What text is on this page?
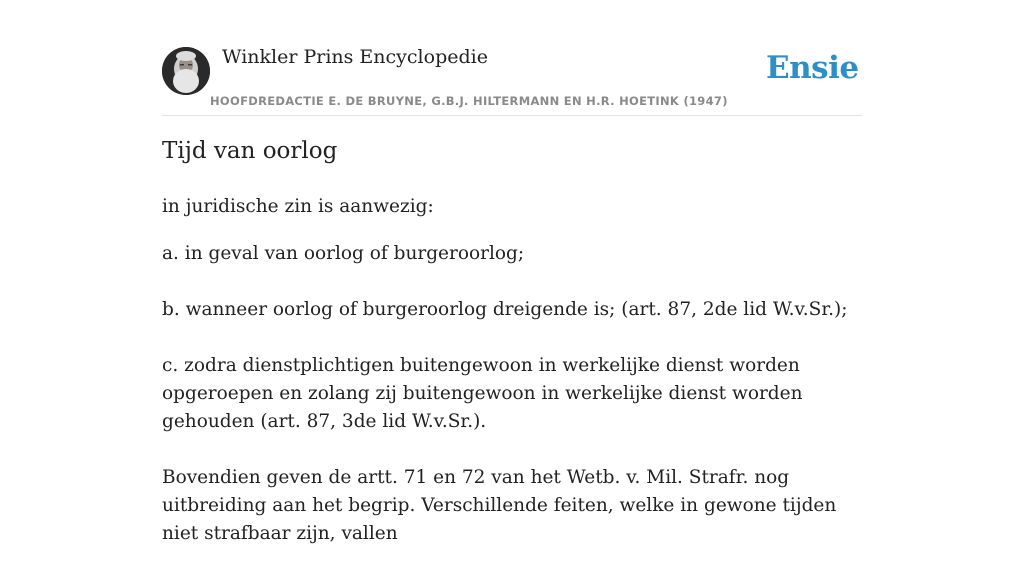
Winkler Prins Encyclopedie
HOOFDREDACTIE E. DE BRUYNE, G.B.J. HILTERMANN EN H.R. HOETINK (1947)
Ensie
Tijd van oorlog

in juridische zin is aanwezig:

a. in geval van oorlog of burgeroorlog;

b. wanneer oorlog of burgeroorlog dreigende is; (art. 87, 2de lid W.v.Sr.);

c. zodra dienstplichtigen buitengewoon in werkelijke dienst worden opgeroepen en zolang zij buitengewoon in werkelijke dienst worden gehouden (art. 87, 3de lid W.v.Sr.).

Bovendien geven de artt. 71 en 72 van het Wetb. v. Mil. Strafr. nog uitbreiding aan het begrip. Verschillende feiten, welke in gewone tijden niet strafbaar zijn, vallen
